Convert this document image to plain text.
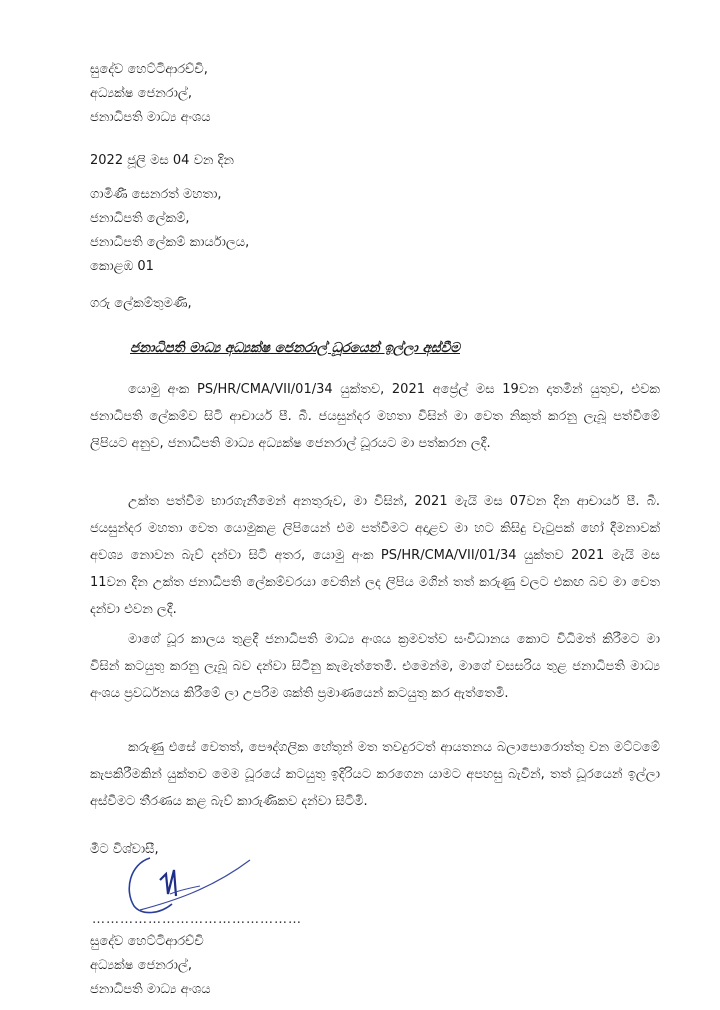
සුදේව හෙට්ටිආරච්චි,
අධ්‍යක්ෂ ජෙනරාල්,
ජනාධිපති මාධ්‍ය අංශය
2022 ජූලි මස 04 වන දින
ගාමිණී සෙනරත් මහතා,
ජනාධිපති ලේකම්,
ජනාධිපති ලේකම් කාර්යාලය,
කොළඹ 01
ගරු ලේකම්තුමණි,
ජනාධිපති මාධ්‍ය අධ්‍යක්ෂ ජෙනරාල් ධූරයෙන් ඉල්ලා අස්වීම

යොමු අංක PS/HR/CMA/VII/01/34 යුක්තව, 2021 අප්‍රේල් මස 19වන දාතමින් යුතුව, එවක ජනාධිපති ලේකම්ව සිටි ආචාර්ය පී. බී. ජයසුන්දර මහතා විසින් මා වෙත නිකුත් කරනු ලැබූ පත්වීමේ ලිපියට අනුව, ජනාධිපති මාධ්‍ය අධ්‍යක්ෂ ජෙනරාල් ධූරයට මා පත්කරන ලදී.

උක්ත පත්වීම භාරගැනීමෙන් අනතුරුව, මා විසින්, 2021 මැයි මස 07වන දින ආචාර්ය පී. බී. ජයසුන්දර මහතා වෙත යොමුකළ ලිපියෙන් එම පත්වීමට අදාළව මා හට කිසිදු වැටුපක් හෝ දීමනාවක් අවශ්‍ය නොවන බැව් දන්වා සිටි අතර, යොමු අංක PS/HR/CMA/VII/01/34 යුක්තව 2021 මැයි මස 11වන දින උක්ත ජනාධිපති ලේකම්වරයා වෙතින් ලද ලිපිය මගින් තත් කරුණු වලට එකඟ බව මා වෙත දන්වා එවන ලදී.

මාගේ ධූර කාලය තුළදී ජනාධිපති මාධ්‍ය අංශය ක්‍රමවත්ව සංවිධානය කොට විධිමත් කිරීමට මා විසින් කටයුතු කරනු ලැබූ බව දන්වා සිටිනු කැමැත්තෙමි. එමෙන්ම, මාගේ වසසරිය තුළ ජනාධිපති මාධ්‍ය අංශය ප්‍රවර්ධනය කිරීමේ ලා උපරිම ශක්ති ප්‍රමාණයෙන් කටයුතු කර ඇත්තෙමි.

කරුණු එසේ වෙතත්, පෞද්ගලික හේතූන් මත තවදුරටත් ආයතනය බලාපොරොත්තු වන මට්ටමේ කැපකිරීමකින් යුක්තව මෙම ධූරයේ කටයුතු ඉදිරියට කරගෙන යාමට අපහසු බැවින්, තත් ධූරයෙන් ඉල්ලා අස්වීමට තීරණය කළ බැව් කාරුණිකව දන්වා සිටිමි.

මීට විශ්වාසී,
………………………………………
සුදේව හෙට්ටිආරච්චි
අධ්‍යක්ෂ ජෙනරාල්,
ජනාධිපති මාධ්‍ය අංශය
